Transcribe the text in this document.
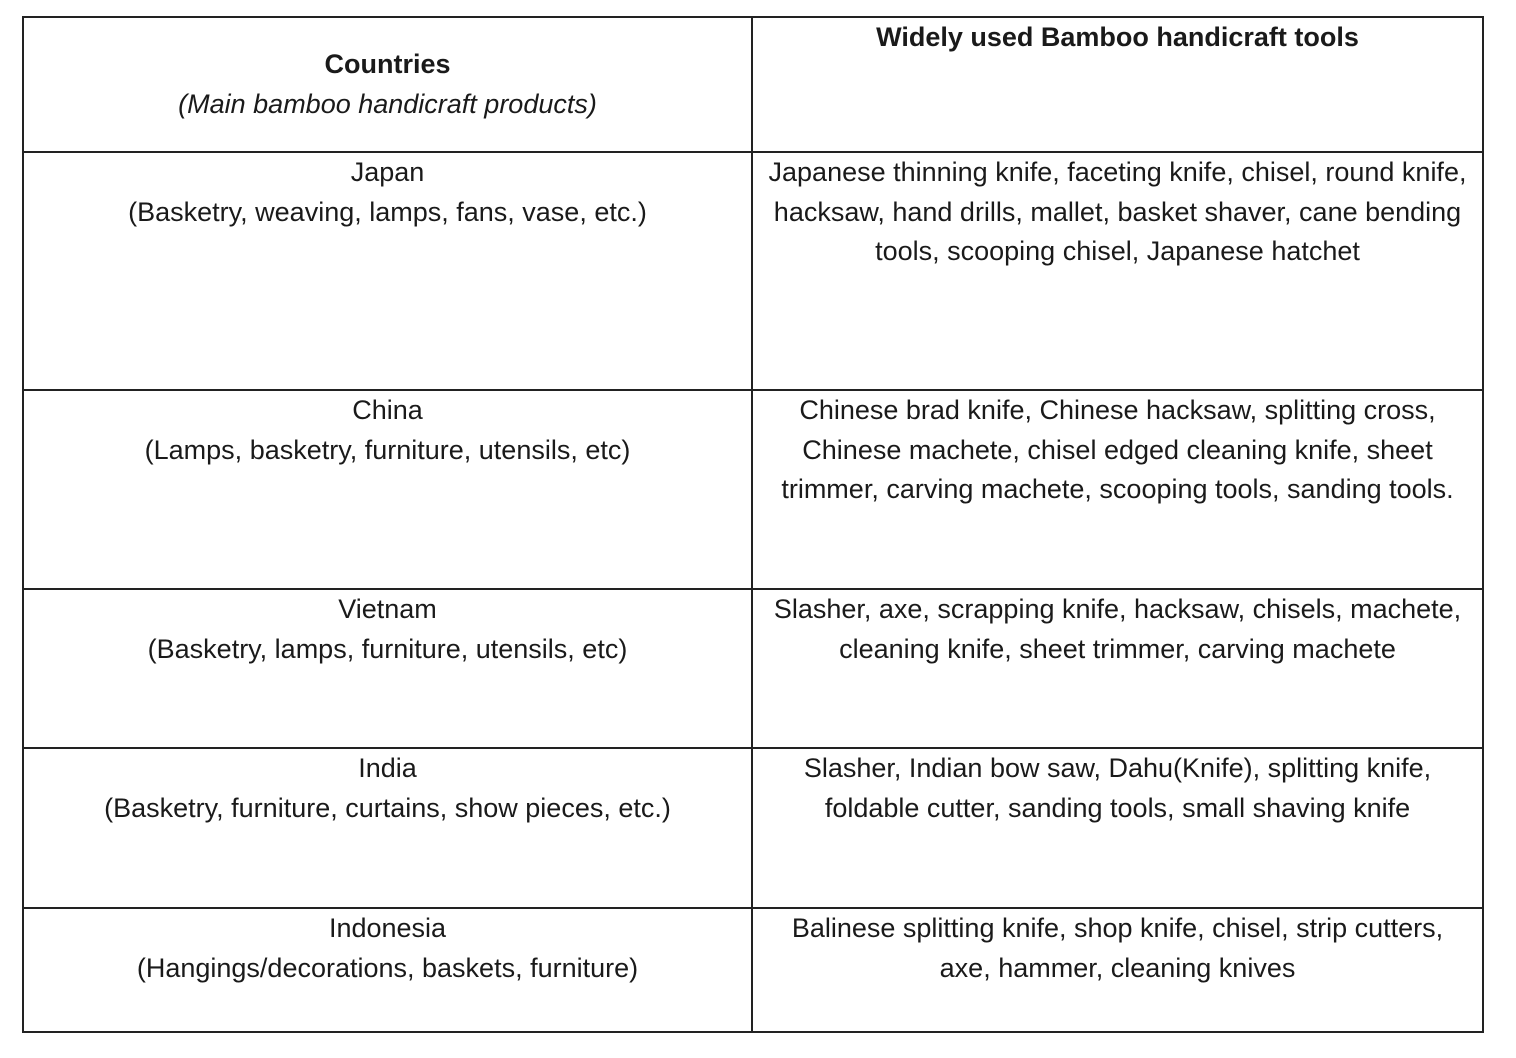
Countries
(Main bamboo handicraft products)	Widely used Bamboo handicraft tools

Japan
(Basketry, weaving, lamps, fans, vase, etc.)	Japanese thinning knife, faceting knife, chisel, round knife, hacksaw, hand drills, mallet, basket shaver, cane bending tools, scooping chisel, Japanese hatchet

China
(Lamps, basketry, furniture, utensils, etc)	Chinese brad knife, Chinese hacksaw, splitting cross, Chinese machete, chisel edged cleaning knife, sheet trimmer, carving machete, scooping tools, sanding tools.

Vietnam
(Basketry, lamps, furniture, utensils, etc)	Slasher, axe, scrapping knife, hacksaw, chisels, machete, cleaning knife, sheet trimmer, carving machete

India
(Basketry, furniture, curtains, show pieces, etc.)	Slasher, Indian bow saw, Dahu(Knife), splitting knife, foldable cutter, sanding tools, small shaving knife

Indonesia
(Hangings/decorations, baskets, furniture)	Balinese splitting knife, shop knife, chisel, strip cutters, axe, hammer, cleaning knives
